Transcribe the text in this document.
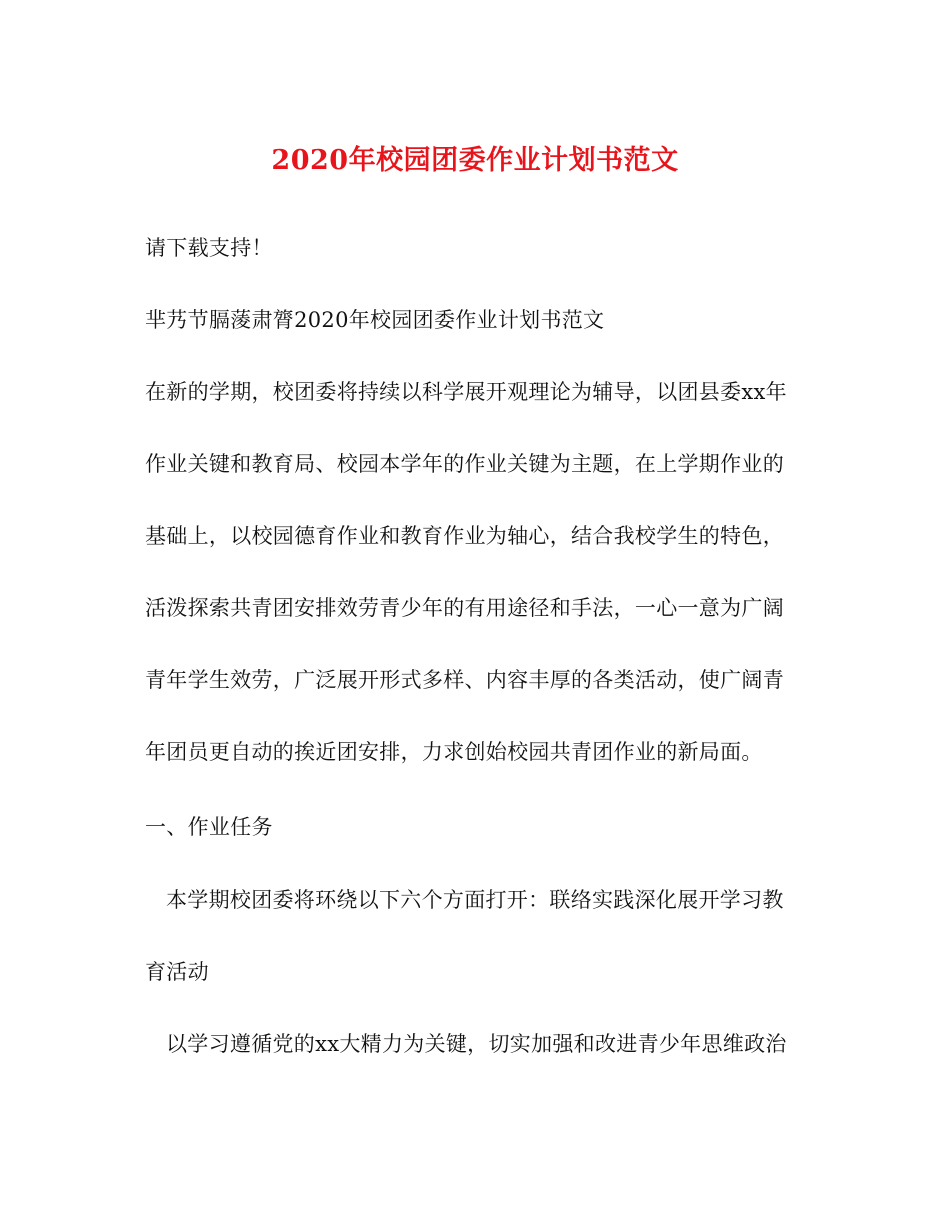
2020年校园团委作业计划书范文
请下载支持！
芈艿节膈蔆肃膂2020年校园团委作业计划书范文
在新的学期，校团委将持续以科学展开观理论为辅导，以团县委xx年
作业关键和教育局、校园本学年的作业关键为主题，在上学期作业的
基础上，以校园德育作业和教育作业为轴心，结合我校学生的特色，
活泼探索共青团安排效劳青少年的有用途径和手法，一心一意为广阔
青年学生效劳，广泛展开形式多样、内容丰厚的各类活动，使广阔青
年团员更自动的挨近团安排，力求创始校园共青团作业的新局面。
一、作业任务
本学期校团委将环绕以下六个方面打开：联络实践深化展开学习教
育活动
以学习遵循党的xx大精力为关键，切实加强和改进青少年思维政治
